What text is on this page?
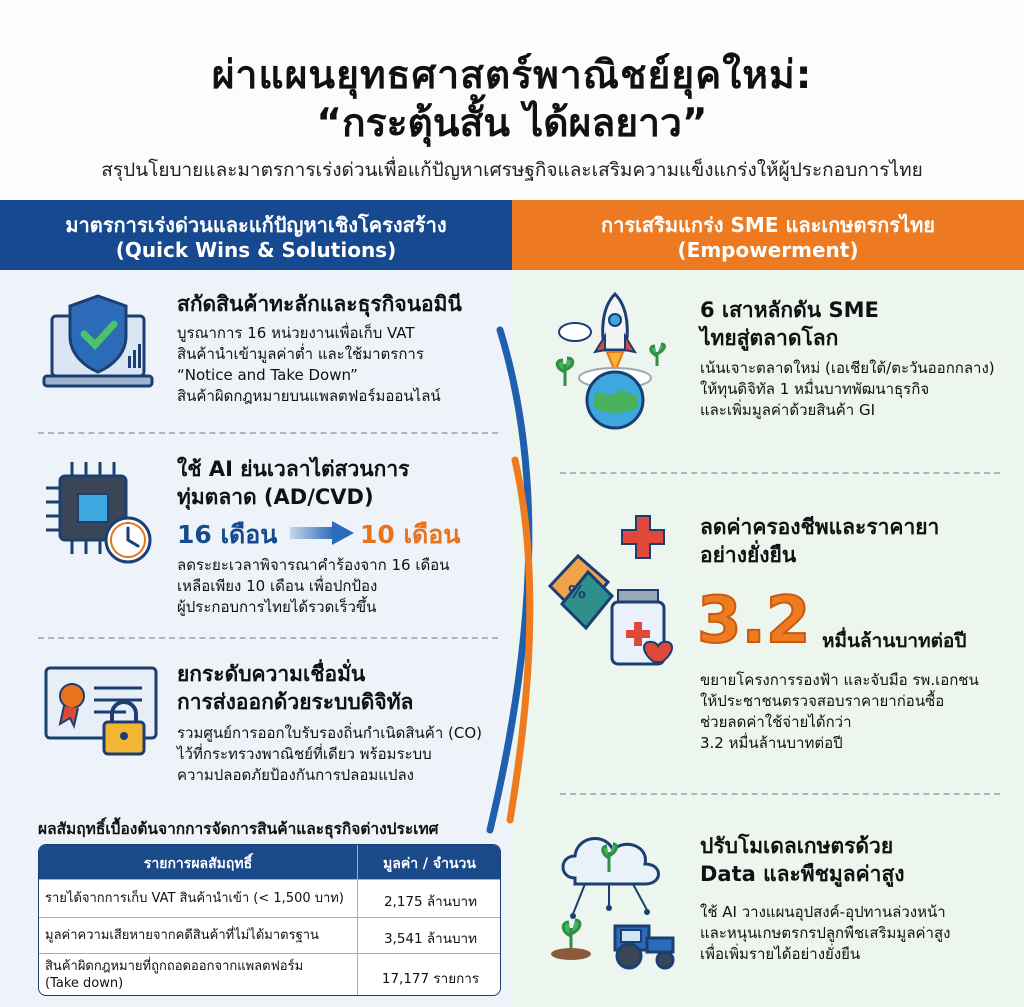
ผ่าแผนยุทธศาสตร์พาณิชย์ยุคใหม่:
“กระตุ้นสั้น ได้ผลยาว”
สรุปนโยบายและมาตรการเร่งด่วนเพื่อแก้ปัญหาเศรษฐกิจและเสริมความแข็งแกร่งให้ผู้ประกอบการไทย
มาตรการเร่งด่วนและแก้ปัญหาเชิงโครงสร้าง
(Quick Wins & Solutions)
การเสริมแกร่ง SME และเกษตรกรไทย
(Empowerment)
สกัดสินค้าทะลักและธุรกิจนอมินี
บูรณาการ 16 หน่วยงานเพื่อเก็บ VAT
สินค้านำเข้ามูลค่าต่ำ และใช้มาตรการ
“Notice and Take Down”
สินค้าผิดกฎหมายบนแพลตฟอร์มออนไลน์
ใช้ AI ย่นเวลาไต่สวนการ
ทุ่มตลาด (AD/CVD)
16 เดือน	10 เดือน
ลดระยะเวลาพิจารณาคำร้องจาก 16 เดือน
เหลือเพียง 10 เดือน เพื่อปกป้อง
ผู้ประกอบการไทยได้รวดเร็วขึ้น
ยกระดับความเชื่อมั่น
การส่งออกด้วยระบบดิจิทัล
รวมศูนย์การออกใบรับรองถิ่นกำเนิดสินค้า (CO)
ไว้ที่กระทรวงพาณิชย์ที่เดียว พร้อมระบบ
ความปลอดภัยป้องกันการปลอมแปลง
ผลสัมฤทธิ์เบื้องต้นจากการจัดการสินค้าและธุรกิจต่างประเทศ
รายการผลสัมฤทธิ์	มูลค่า / จำนวน
รายได้จากการเก็บ VAT สินค้านำเข้า (< 1,500 บาท)	2,175 ล้านบาท
มูลค่าความเสียหายจากคดีสินค้าที่ไม่ได้มาตรฐาน	3,541 ล้านบาท
สินค้าผิดกฎหมายที่ถูกถอดออกจากแพลตฟอร์ม
(Take down)	17,177 รายการ
6 เสาหลักดัน SME
ไทยสู่ตลาดโลก
เน้นเจาะตลาดใหม่ (เอเชียใต้/ตะวันออกกลาง)
ให้ทุนดิจิทัล 1 หมื่นบาทพัฒนาธุรกิจ
และเพิ่มมูลค่าด้วยสินค้า GI
%
ลดค่าครองชีพและราคายา
อย่างยั่งยืน
3.2 หมื่นล้านบาทต่อปี
ขยายโครงการรองฟ้า และจับมือ รพ.เอกชน
ให้ประชาชนตรวจสอบราคายาก่อนซื้อ
ช่วยลดค่าใช้จ่ายได้กว่า
3.2 หมื่นล้านบาทต่อปี
ปรับโมเดลเกษตรด้วย
Data และพืชมูลค่าสูง
ใช้ AI วางแผนอุปสงค์-อุปทานล่วงหน้า
และหนุนเกษตรกรปลูกพืชเสริมมูลค่าสูง
เพื่อเพิ่มรายได้อย่างยั่งยืน
